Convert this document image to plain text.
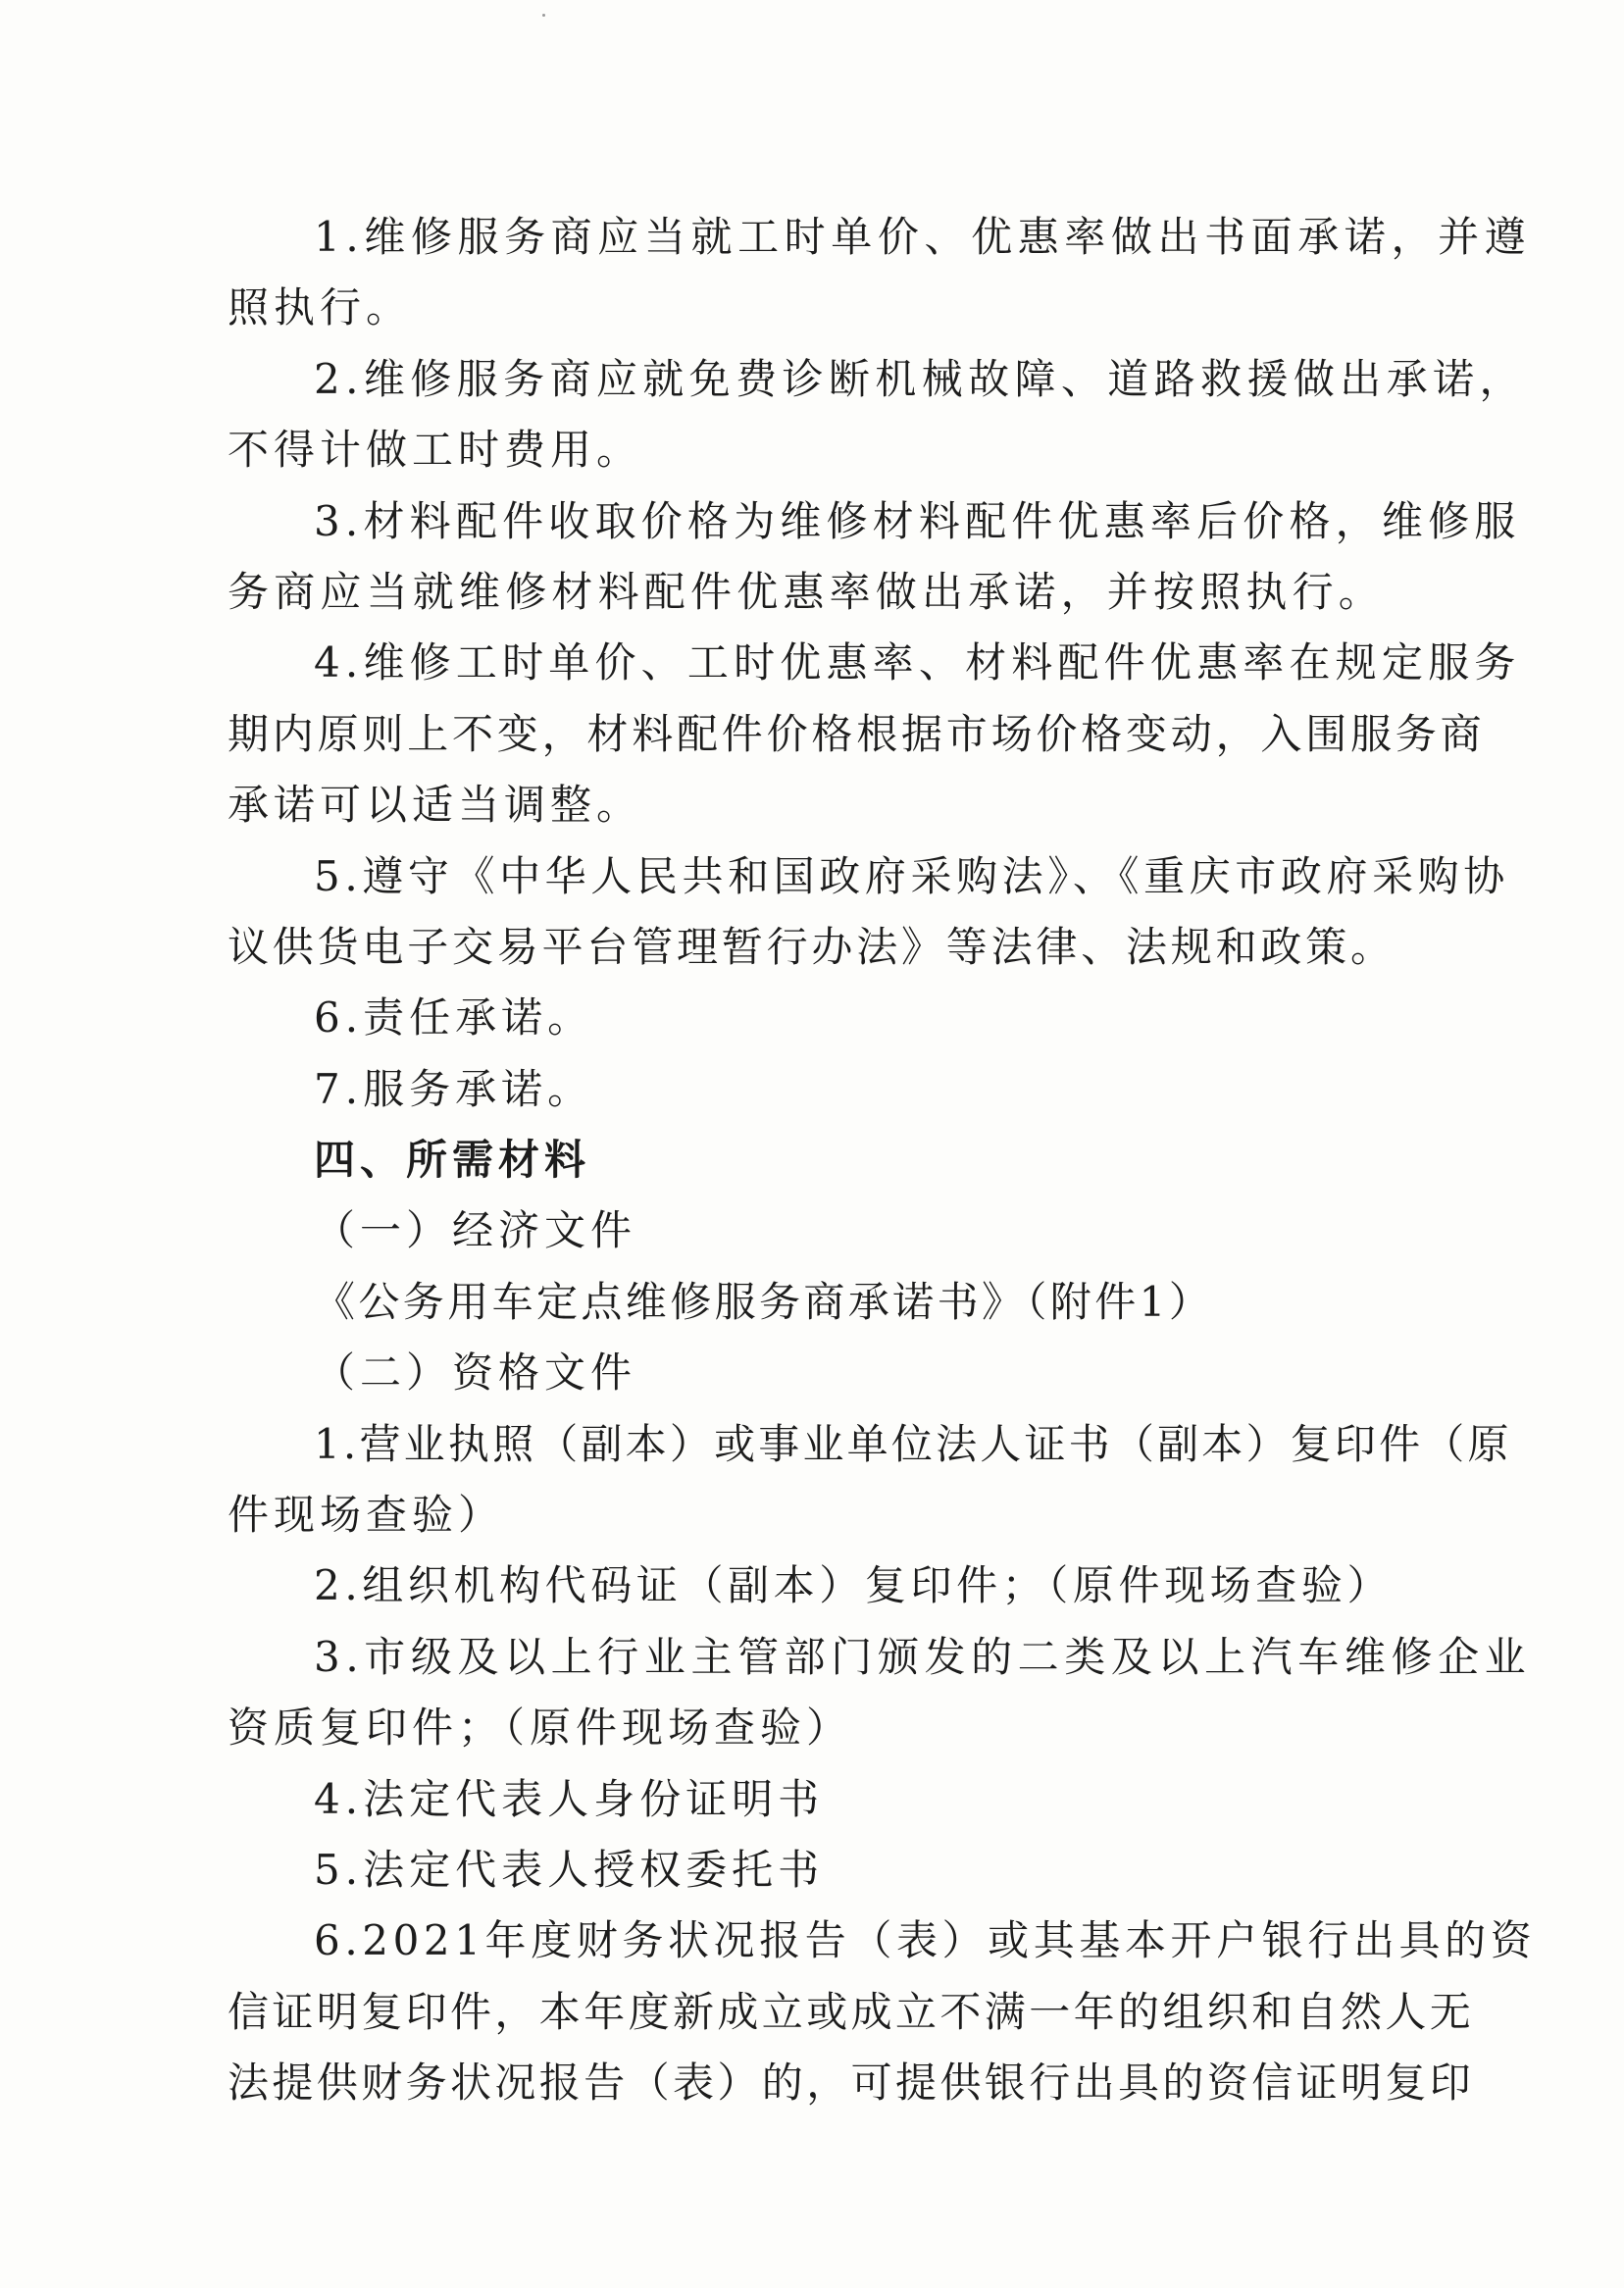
1.维修服务商应当就工时单价、优惠率做出书面承诺，并遵
照执行。
2.维修服务商应就免费诊断机械故障、道路救援做出承诺，
不得计做工时费用。
3.材料配件收取价格为维修材料配件优惠率后价格，维修服
务商应当就维修材料配件优惠率做出承诺，并按照执行。
4.维修工时单价、工时优惠率、材料配件优惠率在规定服务
期内原则上不变，材料配件价格根据市场价格变动，入围服务商
承诺可以适当调整。
5.遵守《中华人民共和国政府采购法》、《重庆市政府采购协
议供货电子交易平台管理暂行办法》等法律、法规和政策。
6.责任承诺。
7.服务承诺。
四、所需材料
（一）经济文件
《公务用车定点维修服务商承诺书》（附件1）
（二）资格文件
1.营业执照（副本）或事业单位法人证书（副本）复印件（原
件现场查验）
2.组织机构代码证（副本）复印件；（原件现场查验）
3.市级及以上行业主管部门颁发的二类及以上汽车维修企业
资质复印件；（原件现场查验）
4.法定代表人身份证明书
5.法定代表人授权委托书
6.2021年度财务状况报告（表）或其基本开户银行出具的资
信证明复印件，本年度新成立或成立不满一年的组织和自然人无
法提供财务状况报告（表）的，可提供银行出具的资信证明复印
